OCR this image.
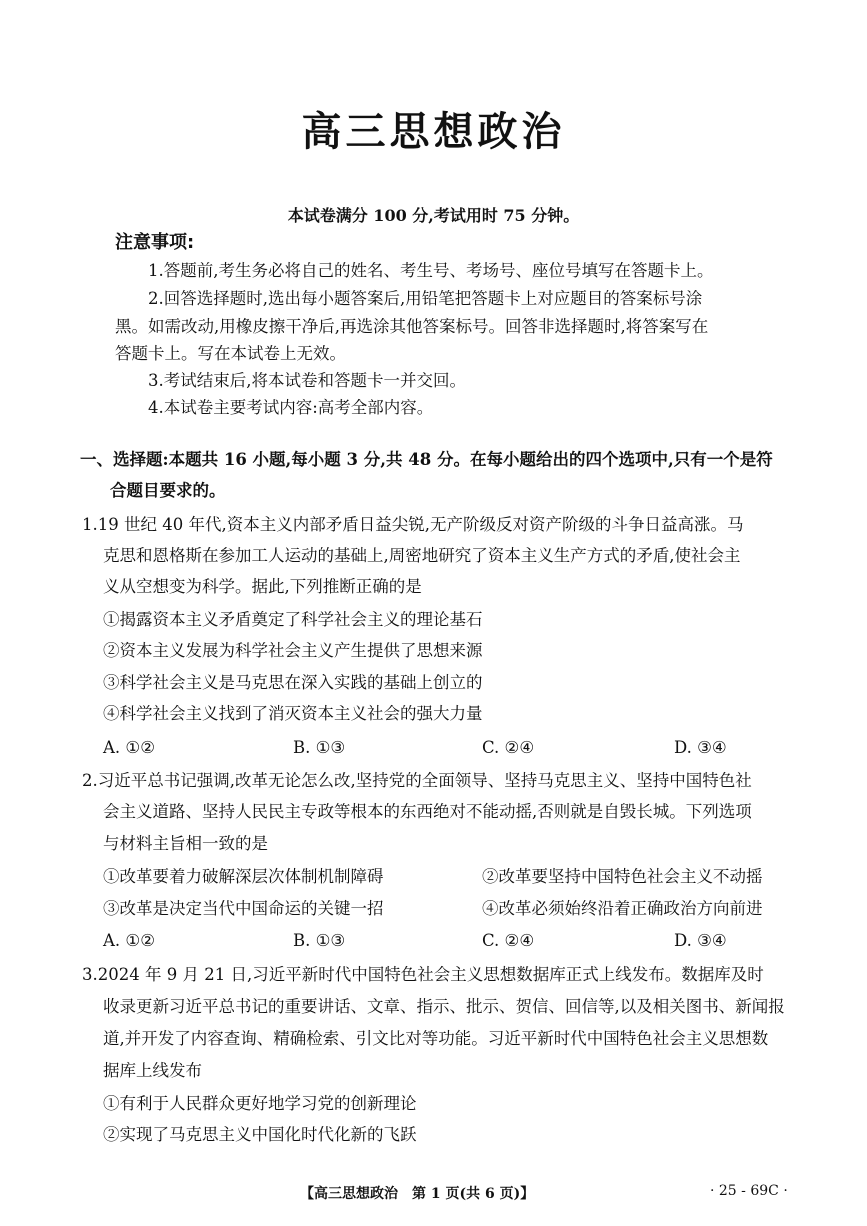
高三思想政治
本试卷满分 100 分,考试用时 75 分钟。
注意事项:
1.答题前,考生务必将自己的姓名、考生号、考场号、座位号填写在答题卡上。
2.回答选择题时,选出每小题答案后,用铅笔把答题卡上对应题目的答案标号涂
黑。如需改动,用橡皮擦干净后,再选涂其他答案标号。回答非选择题时,将答案写在
答题卡上。写在本试卷上无效。
3.考试结束后,将本试卷和答题卡一并交回。
4.本试卷主要考试内容:高考全部内容。
一、选择题:本题共 16 小题,每小题 3 分,共 48 分。在每小题给出的四个选项中,只有一个是符
合题目要求的。
1.19 世纪 40 年代,资本主义内部矛盾日益尖锐,无产阶级反对资产阶级的斗争日益高涨。马
克思和恩格斯在参加工人运动的基础上,周密地研究了资本主义生产方式的矛盾,使社会主
义从空想变为科学。据此,下列推断正确的是
①揭露资本主义矛盾奠定了科学社会主义的理论基石
②资本主义发展为科学社会主义产生提供了思想来源
③科学社会主义是马克思在深入实践的基础上创立的
④科学社会主义找到了消灭资本主义社会的强大力量
A. ①②	B. ①③	C. ②④	D. ③④
2.习近平总书记强调,改革无论怎么改,坚持党的全面领导、坚持马克思主义、坚持中国特色社
会主义道路、坚持人民民主专政等根本的东西绝对不能动摇,否则就是自毁长城。下列选项
与材料主旨相一致的是
①改革要着力破解深层次体制机制障碍	②改革要坚持中国特色社会主义不动摇
③改革是决定当代中国命运的关键一招	④改革必须始终沿着正确政治方向前进
A. ①②	B. ①③	C. ②④	D. ③④
3.2024 年 9 月 21 日,习近平新时代中国特色社会主义思想数据库正式上线发布。数据库及时
收录更新习近平总书记的重要讲话、文章、指示、批示、贺信、回信等,以及相关图书、新闻报
道,并开发了内容查询、精确检索、引文比对等功能。习近平新时代中国特色社会主义思想数
据库上线发布
①有利于人民群众更好地学习党的创新理论
②实现了马克思主义中国化时代化新的飞跃
【高三思想政治　第 1 页(共 6 页)】	· 25 - 69C ·
